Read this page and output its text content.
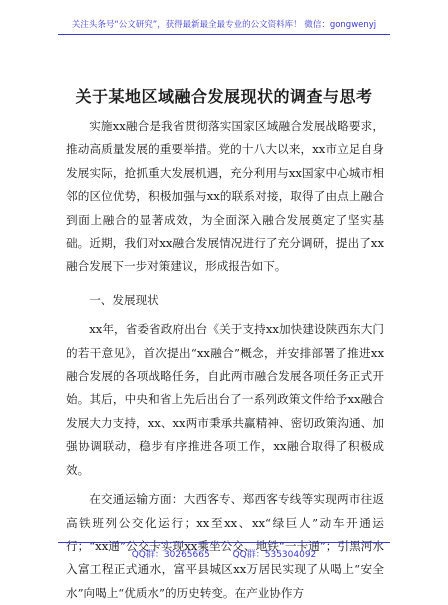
关注头条号“公文研究”，获得最新最全最专业的公文资料库！ 微信：gongwenyj
关于某地区域融合发展现状的调查与思考

实施xx融合是我省贯彻落实国家区域融合发展战略要求，推动高质量发展的重要举措。党的十八大以来，xx市立足自身发展实际，抢抓重大发展机遇，充分利用与xx国家中心城市相邻的区位优势，积极加强与xx的联系对接，取得了由点上融合到面上融合的显著成效，为全面深入融合发展奠定了坚实基础。近期，我们对xx融合发展情况进行了充分调研，提出了xx融合发展下一步对策建议，形成报告如下。

一、发展现状

xx年，省委省政府出台《关于支持xx加快建设陕西东大门的若干意见》，首次提出“xx融合”概念，并安排部署了推进xx融合发展的各项战略任务，自此两市融合发展各项任务正式开始。其后，中央和省上先后出台了一系列政策文件给予xx融合发展大力支持，xx、xx两市秉承共赢精神、密切政策沟通、加强协调联动，稳步有序推进各项工作，xx融合取得了积极成效。

在交通运输方面：大西客专、郑西客专线等实现两市往返高铁班列公交化运行；xx至xx、xx“绿巨人”动车开通运行；“xx通”公交卡实现xx乘坐公交、地铁“一卡通”；引黑河水入富工程正式通水，富平县城区xx万居民实现了从喝上“安全水”向喝上“优质水”的历史转变。在产业协作方

QQ群：30265665	QQ群：535304092
